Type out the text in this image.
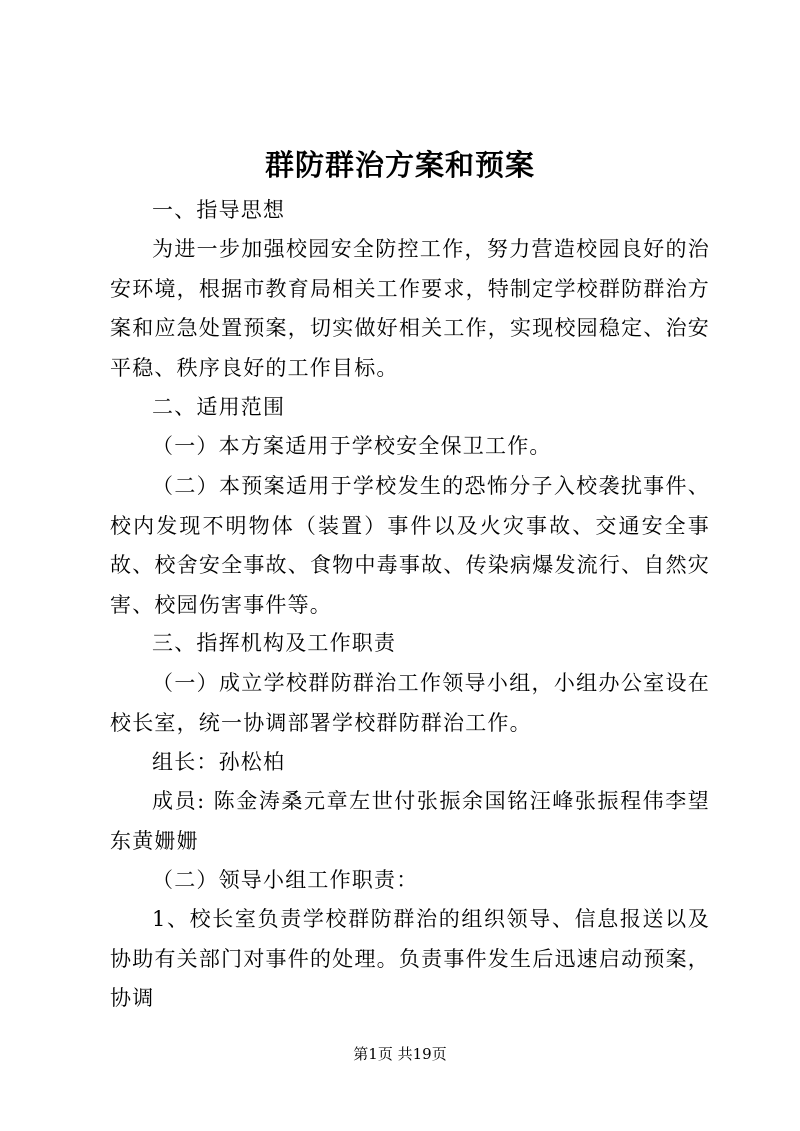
群防群治方案和预案

一、指导思想

为进一步加强校园安全防控工作，努力营造校园良好的治安环境，根据市教育局相关工作要求，特制定学校群防群治方案和应急处置预案，切实做好相关工作，实现校园稳定、治安平稳、秩序良好的工作目标。

二、适用范围

（一）本方案适用于学校安全保卫工作。

（二）本预案适用于学校发生的恐怖分子入校袭扰事件、校内发现不明物体（装置）事件以及火灾事故、交通安全事故、校舍安全事故、食物中毒事故、传染病爆发流行、自然灾害、校园伤害事件等。

三、指挥机构及工作职责

（一）成立学校群防群治工作领导小组，小组办公室设在校长室，统一协调部署学校群防群治工作。

组长：孙松柏

成员: 陈金涛桑元章左世付张振余国铭汪峰张振程伟李望东黄姗姗

（二）领导小组工作职责：

1、校长室负责学校群防群治的组织领导、信息报送以及协助有关部门对事件的处理。负责事件发生后迅速启动预案，协调

第1页 共19页
